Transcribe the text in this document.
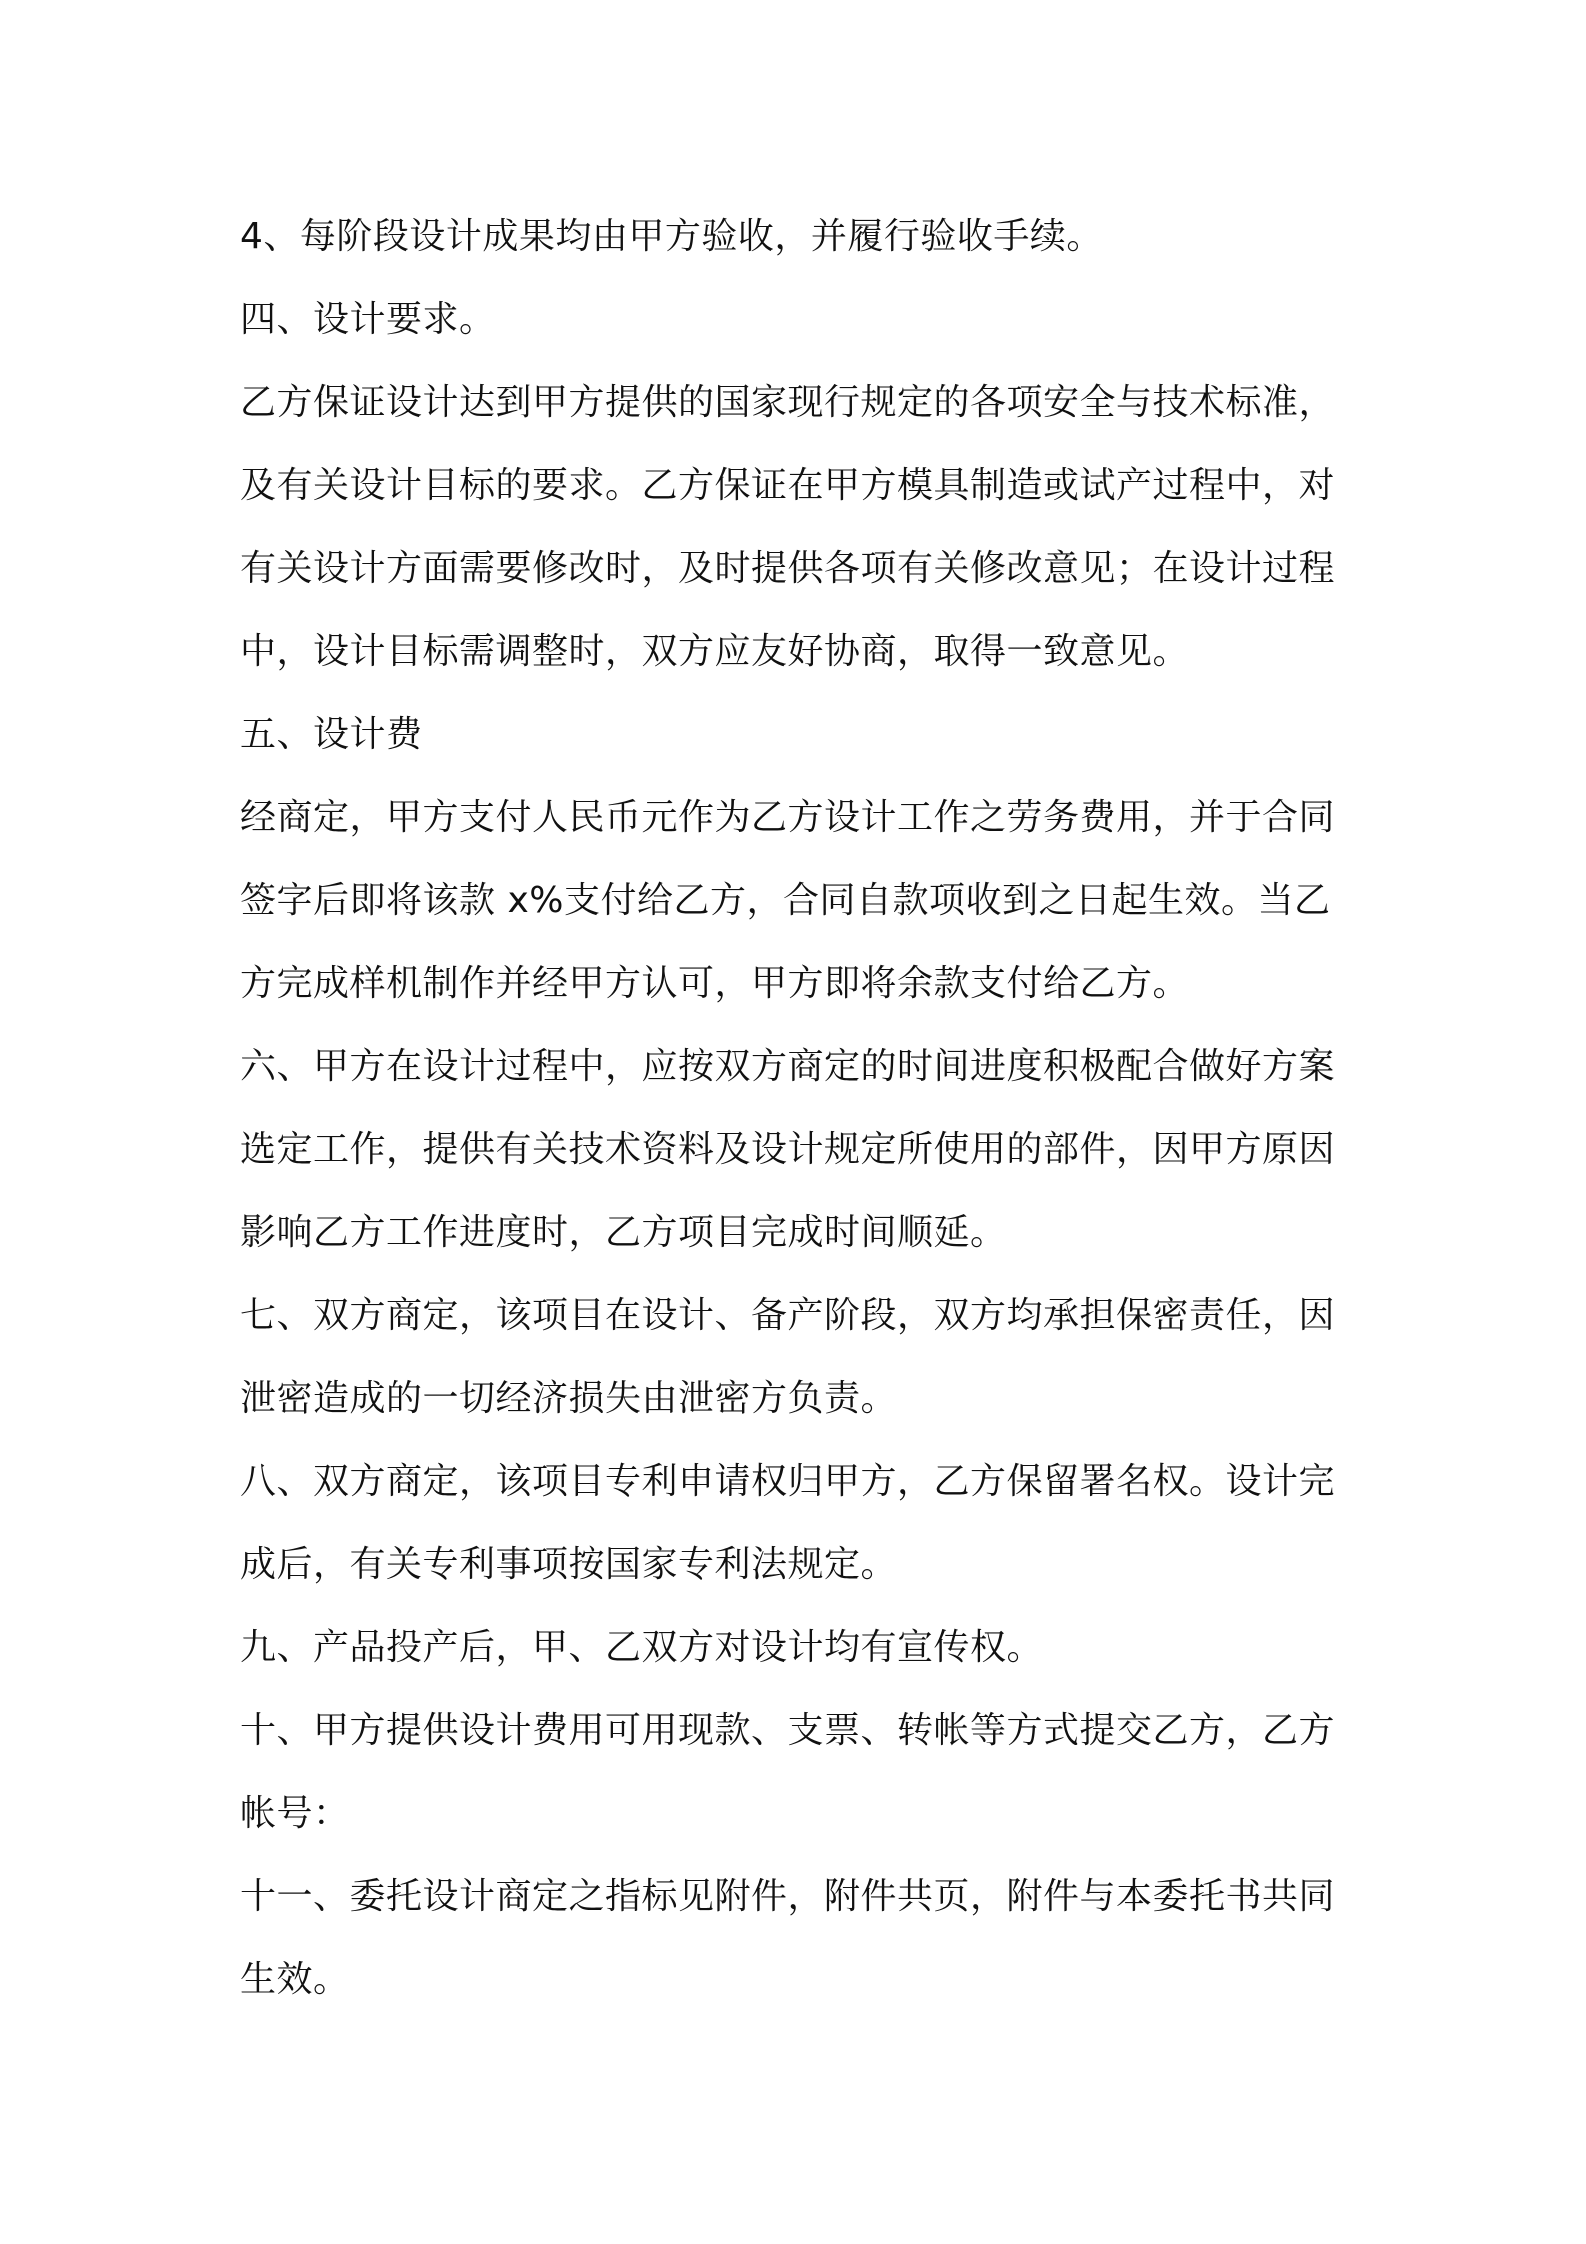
4、每阶段设计成果均由甲方验收，并履行验收手续。

四、设计要求。

乙方保证设计达到甲方提供的国家现行规定的各项安全与技术标准，
及有关设计目标的要求。乙方保证在甲方模具制造或试产过程中，对
有关设计方面需要修改时，及时提供各项有关修改意见；在设计过程
中，设计目标需调整时，双方应友好协商，取得一致意见。

五、设计费

经商定，甲方支付人民币元作为乙方设计工作之劳务费用，并于合同
签字后即将该款 x%支付给乙方，合同自款项收到之日起生效。当乙
方完成样机制作并经甲方认可，甲方即将余款支付给乙方。

六、甲方在设计过程中，应按双方商定的时间进度积极配合做好方案
选定工作，提供有关技术资料及设计规定所使用的部件，因甲方原因
影响乙方工作进度时，乙方项目完成时间顺延。

七、双方商定，该项目在设计、备产阶段，双方均承担保密责任，因
泄密造成的一切经济损失由泄密方负责。

八、双方商定，该项目专利申请权归甲方，乙方保留署名权。设计完
成后，有关专利事项按国家专利法规定。

九、产品投产后，甲、乙双方对设计均有宣传权。

十、甲方提供设计费用可用现款、支票、转帐等方式提交乙方，乙方
帐号：

十一、委托设计商定之指标见附件，附件共页，附件与本委托书共同
生效。
